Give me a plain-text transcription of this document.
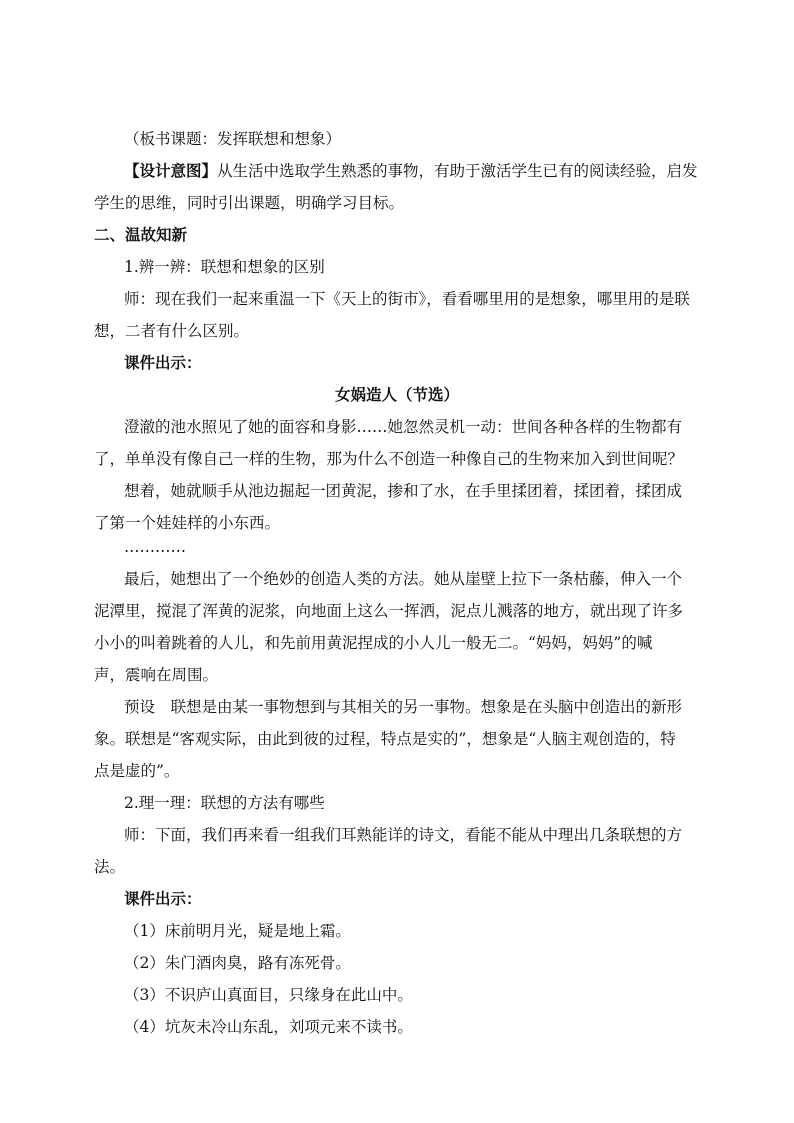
（板书课题：发挥联想和想象）
【设计意图】从生活中选取学生熟悉的事物，有助于激活学生已有的阅读经验，启发
学生的思维，同时引出课题，明确学习目标。
二、温故知新
1.辨一辨：联想和想象的区别
师：现在我们一起来重温一下《天上的街市》，看看哪里用的是想象，哪里用的是联
想，二者有什么区别。
课件出示：
女娲造人（节选）
澄澈的池水照见了她的面容和身影……她忽然灵机一动：世间各种各样的生物都有
了，单单没有像自己一样的生物，那为什么不创造一种像自己的生物来加入到世间呢？
想着，她就顺手从池边掘起一团黄泥，掺和了水，在手里揉团着，揉团着，揉团成
了第一个娃娃样的小东西。
…………
最后，她想出了一个绝妙的创造人类的方法。她从崖壁上拉下一条枯藤，伸入一个
泥潭里，搅混了浑黄的泥浆，向地面上这么一挥洒，泥点儿溅落的地方，就出现了许多
小小的叫着跳着的人儿，和先前用黄泥捏成的小人儿一般无二。“妈妈，妈妈”的喊
声，震响在周围。
预设　联想是由某一事物想到与其相关的另一事物。想象是在头脑中创造出的新形
象。联想是“客观实际，由此到彼的过程，特点是实的”，想象是“人脑主观创造的，特
点是虚的”。
2.理一理：联想的方法有哪些
师：下面，我们再来看一组我们耳熟能详的诗文，看能不能从中理出几条联想的方
法。
课件出示：
（1）床前明月光，疑是地上霜。
（2）朱门酒肉臭，路有冻死骨。
（3）不识庐山真面目，只缘身在此山中。
（4）坑灰未冷山东乱，刘项元来不读书。
